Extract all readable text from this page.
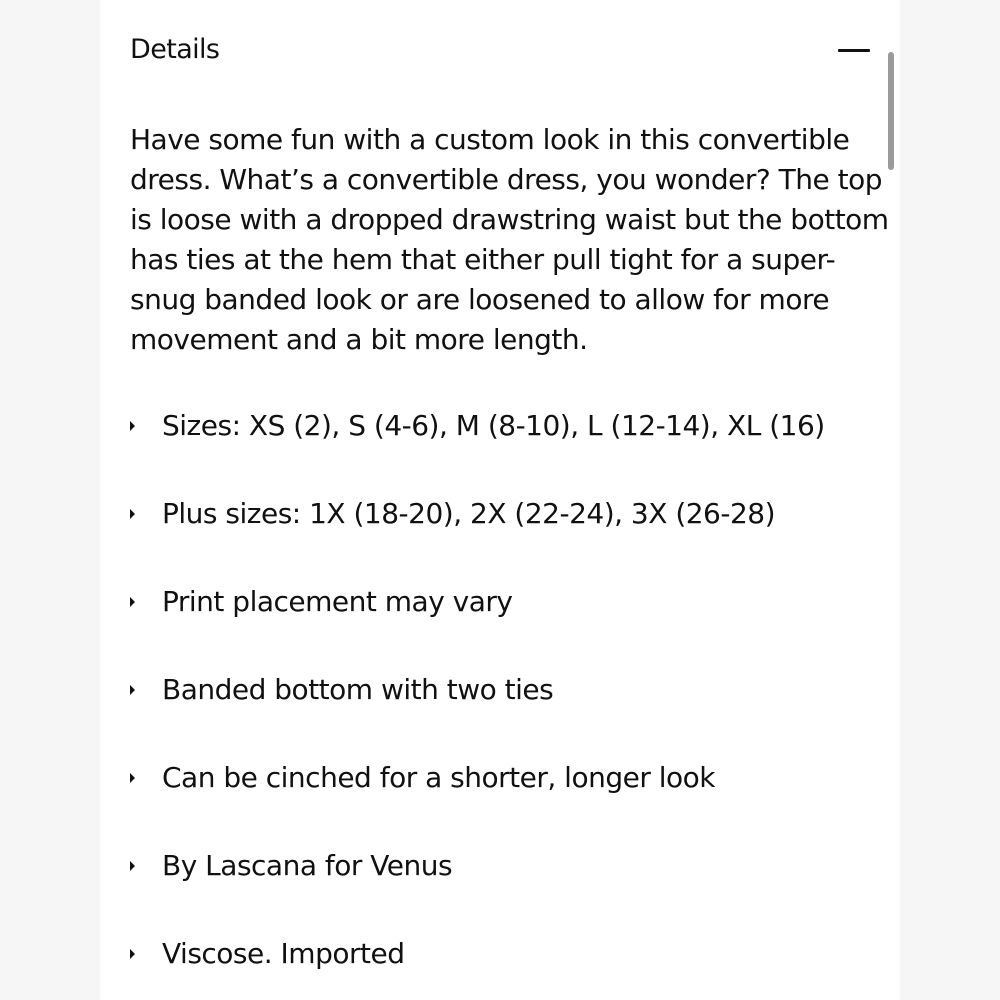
Details

Have some fun with a custom look in this convertible dress. What’s a convertible dress, you wonder? The top is loose with a dropped drawstring waist but the bottom has ties at the hem that either pull tight for a super-snug banded look or are loosened to allow for more movement and a bit more length.

Sizes: XS (2), S (4-6), M (8-10), L (12-14), XL (16)
Plus sizes: 1X (18-20), 2X (22-24), 3X (26-28)
Print placement may vary
Banded bottom with two ties
Can be cinched for a shorter, longer look
By Lascana for Venus
Viscose. Imported
